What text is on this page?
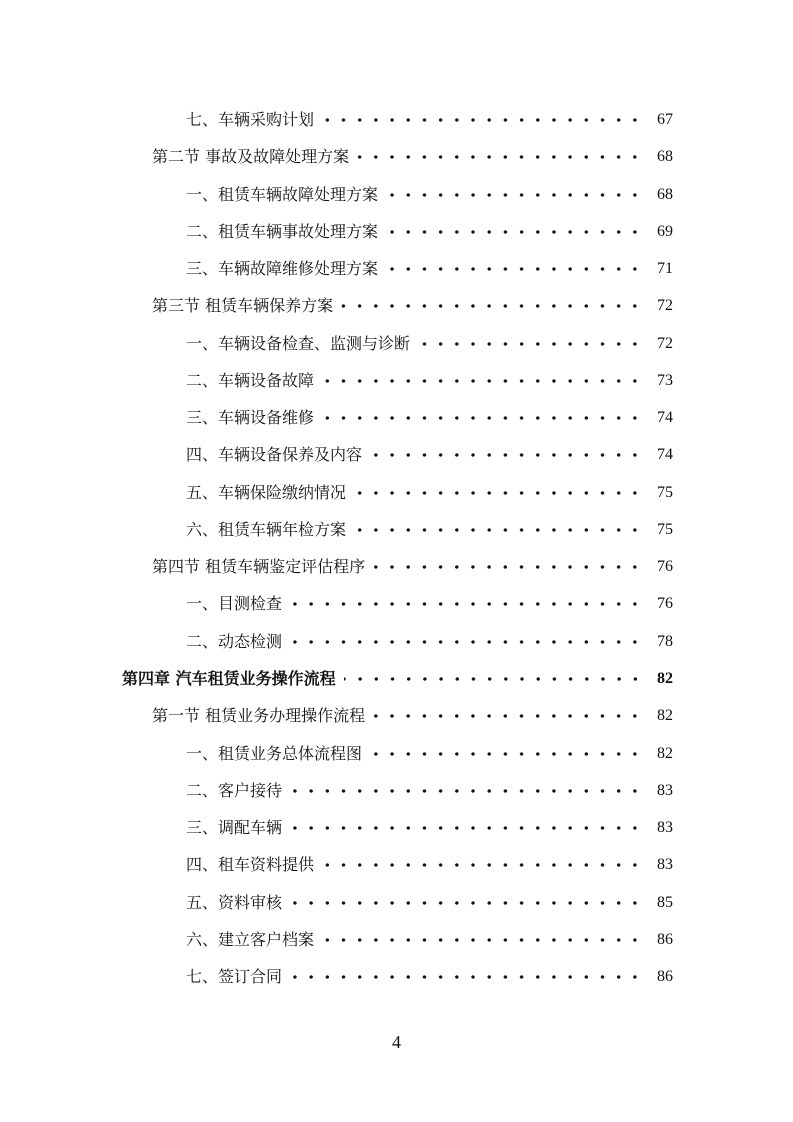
七、车辆采购计划	67
第二节 事故及故障处理方案	68
一、租赁车辆故障处理方案	68
二、租赁车辆事故处理方案	69
三、车辆故障维修处理方案	71
第三节 租赁车辆保养方案	72
一、车辆设备检查、监测与诊断	72
二、车辆设备故障	73
三、车辆设备维修	74
四、车辆设备保养及内容	74
五、车辆保险缴纳情况	75
六、租赁车辆年检方案	75
第四节 租赁车辆鉴定评估程序	76
一、目测检查	76
二、动态检测	78
第四章 汽车租赁业务操作流程	82
第一节 租赁业务办理操作流程	82
一、租赁业务总体流程图	82
二、客户接待	83
三、调配车辆	83
四、租车资料提供	83
五、资料审核	85
六、建立客户档案	86
七、签订合同	86
4
